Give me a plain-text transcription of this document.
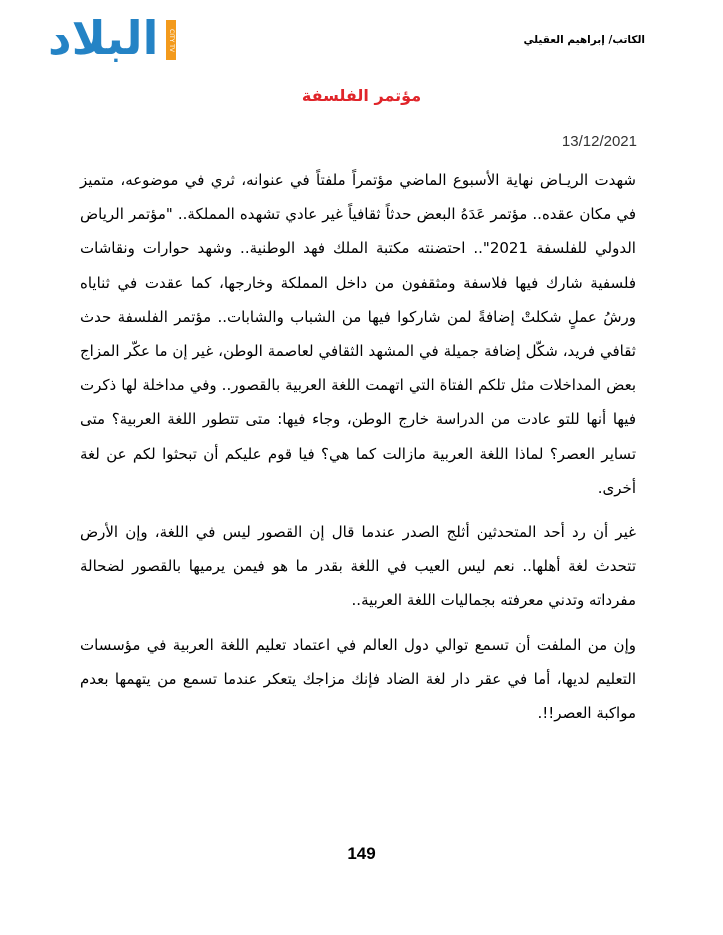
البلاد	CITY TV	الكاتب/ إبراهيم العقيلي
مؤتمر الفلسفة
13/12/2021

شهدت الريـاض نهاية الأسبوع الماضي مؤتمراً ملفتاً في عنوانه، ثري في موضوعه، متميز في مكان عقده.. مؤتمر عَدَهُ البعض حدثاً ثقافياً غير عادي تشهده المملكة.. "مؤتمر الرياض الدولي للفلسفة 2021".. احتضنته مكتبة الملك فهد الوطنية.. وشهد حوارات ونقاشات فلسفية شارك فيها فلاسفة ومثقفون من داخل المملكة وخارجها، كما عقدت في ثناياه ورشُ عملٍ شكلتْ إضافةً لمن شاركوا فيها من الشباب والشابات.. مؤتمر الفلسفة حدث ثقافي فريد، شكّل إضافة جميلة في المشهد الثقافي لعاصمة الوطن، غير إن ما عكّر المزاج بعض المداخلات مثل تلكم الفتاة التي اتهمت اللغة العربية بالقصور.. وفي مداخلة لها ذكرت فيها أنها للتو عادت من الدراسة خارج الوطن، وجاء فيها: متى تتطور اللغة العربية؟ متى تساير العصر؟ لماذا اللغة العربية مازالت كما هي؟ فيا قوم عليكم أن تبحثوا لكم عن لغة أخرى.

غير أن رد أحد المتحدثين أثلج الصدر عندما قال إن القصور ليس في اللغة، وإن الأرض تتحدث لغة أهلها.. نعم ليس العيب في اللغة بقدر ما هو فيمن يرميها بالقصور لضحالة مفرداته وتدني معرفته بجماليات اللغة العربية..

وإن من الملفت أن تسمع توالي دول العالم في اعتماد تعليم اللغة العربية في مؤسسات التعليم لديها، أما في عقر دار لغة الضاد فإنك مزاجك يتعكر عندما تسمع من يتهمها بعدم مواكبة العصر!!.

149
